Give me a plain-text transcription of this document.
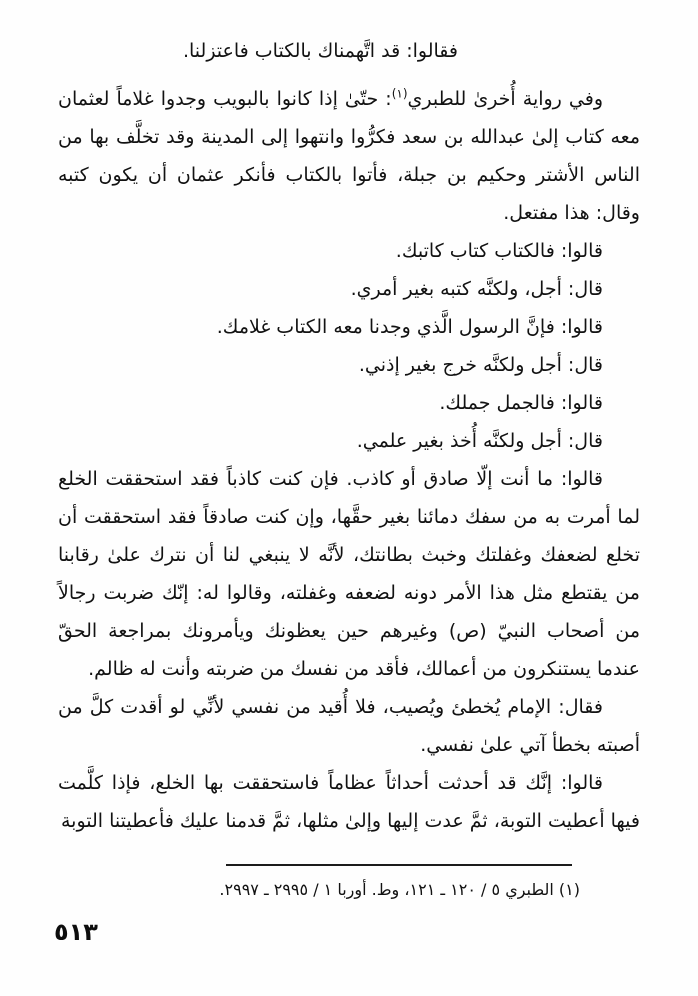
فقالوا: قد اتَّهمناك بالكتاب فاعتزلنا.

وفي رواية أُخرىٰ للطبري$^{(١)}$: حتّىٰ إذا كانوا بالبويب وجدوا غلاماً لعثمان معه كتاب إلىٰ عبدالله بن سعد فكرُّوا وانتهوا إلى المدينة وقد تخلَّف بها من الناس الأشتر وحكيم بن جبلة، فأتوا بالكتاب فأنكر عثمان أن يكون كتبه وقال: هذا مفتعل.

قالوا: فالكتاب كتاب كاتبك.

قال: أجل، ولكنَّه كتبه بغير أمري.

قالوا: فإنَّ الرسول الَّذي وجدنا معه الكتاب غلامك.

قال: أجل ولكنَّه خرج بغير إذني.

قالوا: فالجمل جملك.

قال: أجل ولكنَّه أُخذ بغير علمي.

قالوا: ما أنت إلّا صادق أو كاذب. فإن كنت كاذباً فقد استحققت الخلع لما أمرت به من سفك دمائنا بغير حقَّها، وإن كنت صادقاً فقد استحققت أن تخلع لضعفك وغفلتك وخبث بطانتك، لأنَّه لا ينبغي لنا أن نترك علىٰ رقابنا من يقتطع مثل هذا الأمر دونه لضعفه وغفلته، وقالوا له: إنّك ضربت رجالاً من أصحاب النبيّ (ص) وغيرهم حين يعظونك ويأمرونك بمراجعة الحقّ عندما يستنكرون من أعمالك، فأقد من نفسك من ضربته وأنت له ظالم.

فقال: الإمام يُخطئ ويُصيب، فلا أُقيد من نفسي لأنِّي لو أقدت كلَّ من أصبته بخطأ آتي علىٰ نفسي.

قالوا: إنَّك قد أحدثت أحداثاً عظاماً فاستحققت بها الخلع، فإذا كلَّمت فيها أعطيت التوبة، ثمَّ عدت إليها وإلىٰ مثلها، ثمَّ قدمنا عليك فأعطيتنا التوبة

(١) الطبري ٥ / ١٢٠ ـ ١٢١، وط. أوربا ١ / ٢٩٩٥ ـ ٢٩٩٧.

٥١٣
